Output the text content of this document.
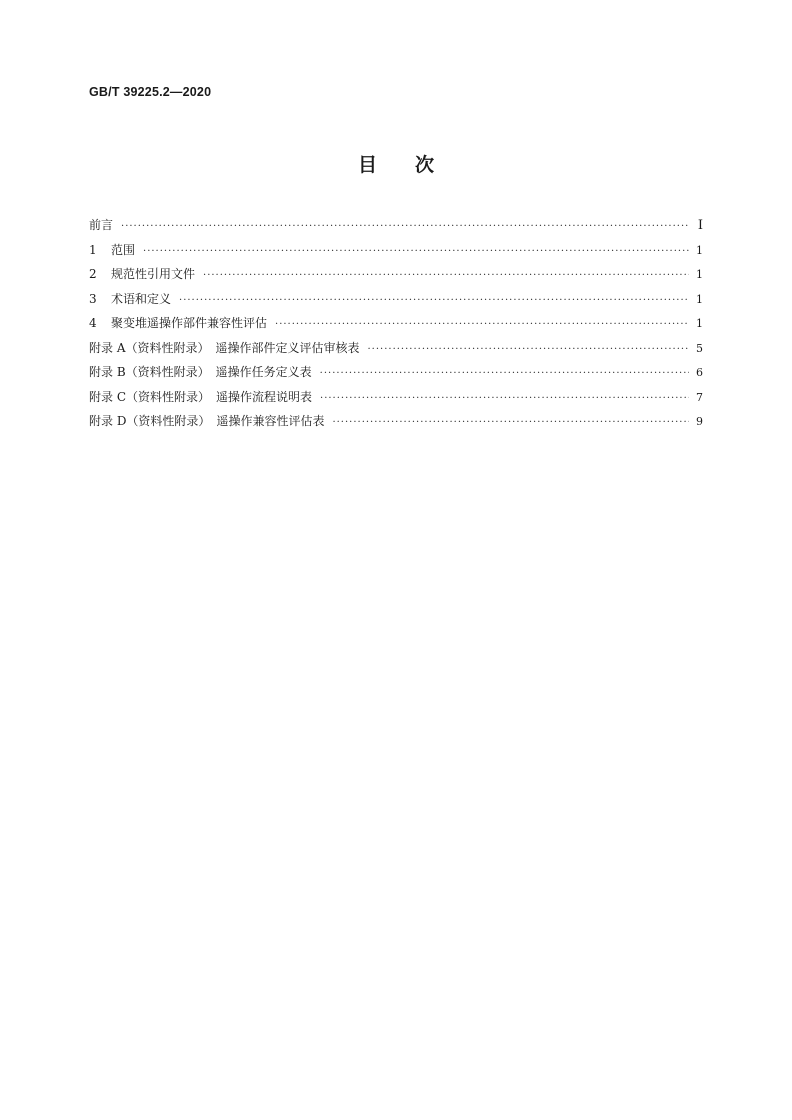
GB/T 39225.2—2020
目次
前言 ·····	Ⅰ
1 范围 ·····	1
2 规范性引用文件 ·····	1
3 术语和定义 ·····	1
4 聚变堆遥操作部件兼容性评估 ·····	1
附录 A（资料性附录） 遥操作部件定义评估审核表 ·····	5
附录 B（资料性附录） 遥操作任务定义表 ·····	6
附录 C（资料性附录） 遥操作流程说明表 ·····	7
附录 D（资料性附录） 遥操作兼容性评估表 ·····	9
